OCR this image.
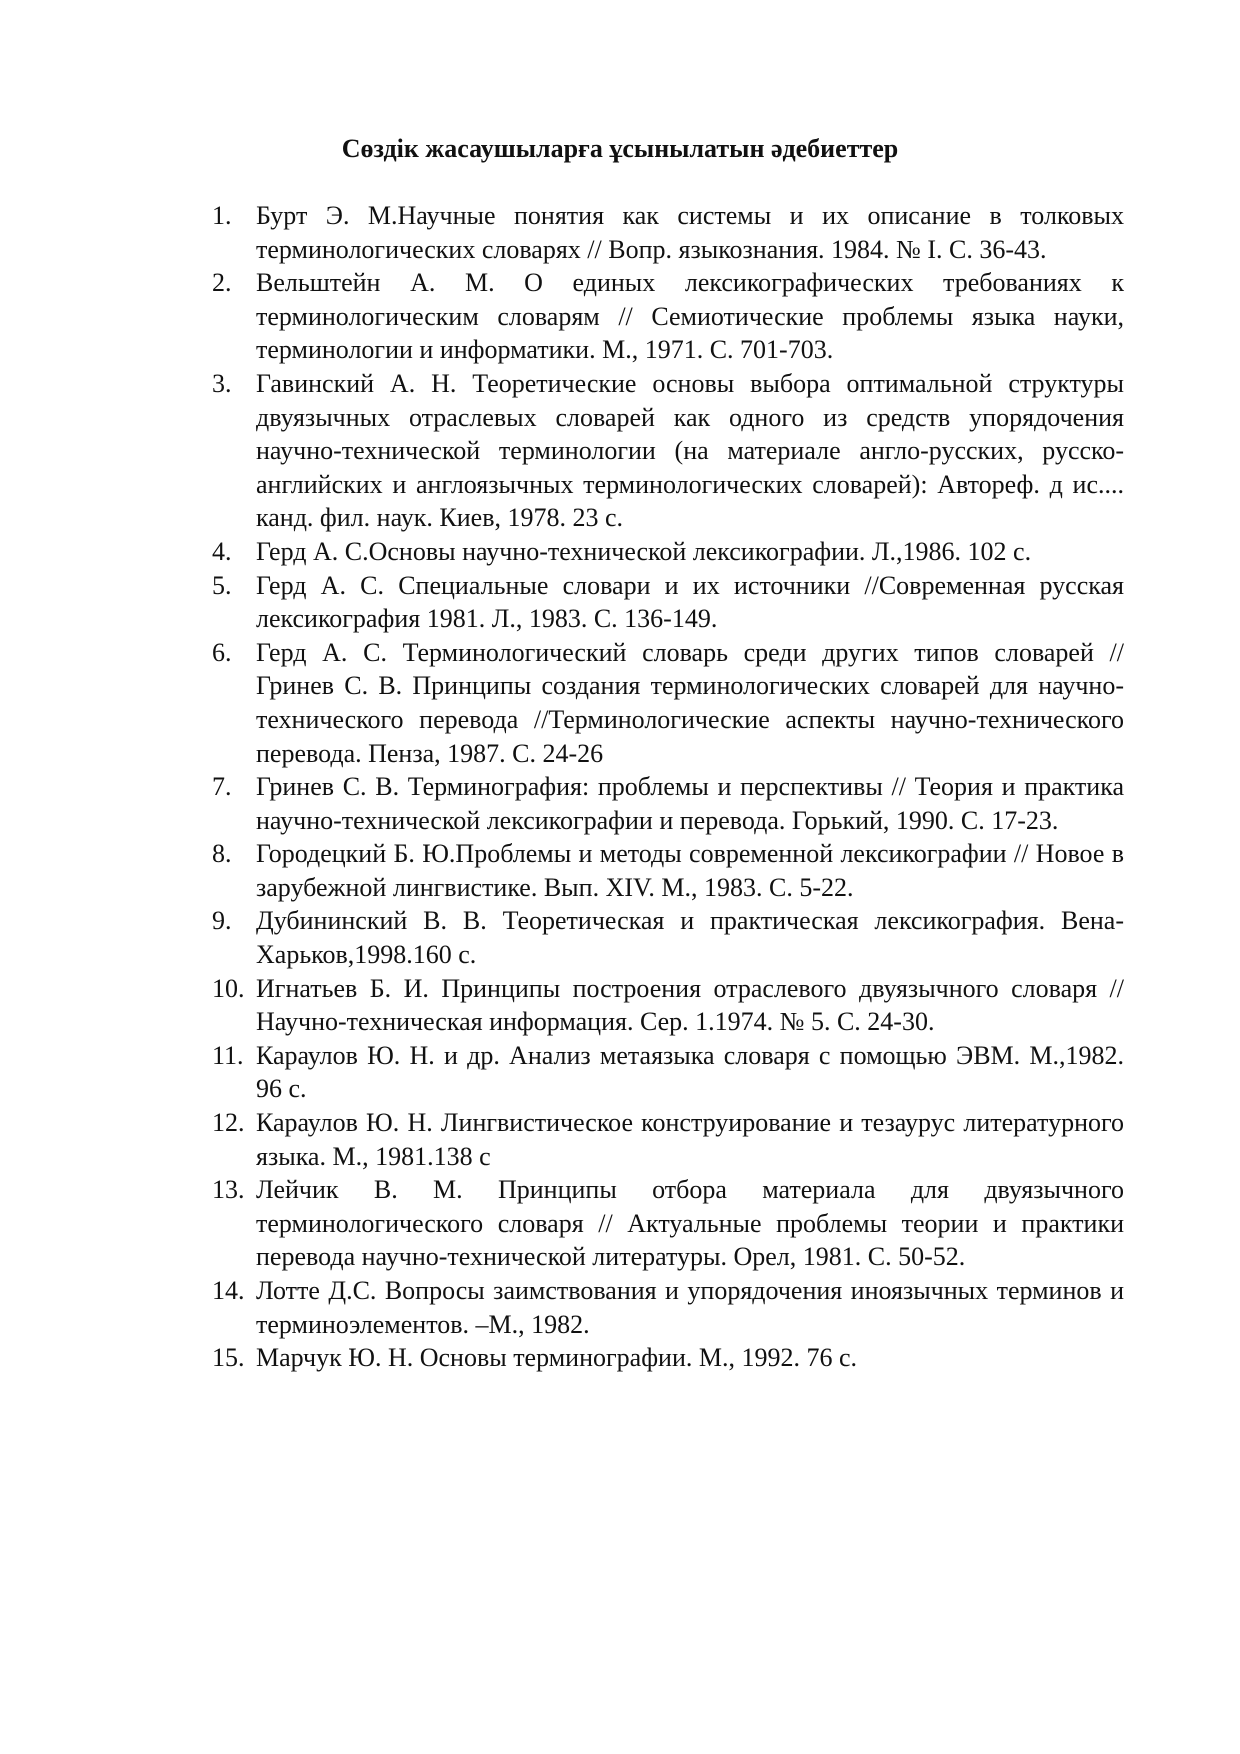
Сөздік жасаушыларға ұсынылатын әдебиеттер
1. Бурт Э. М.Научные понятия как системы и их описание в толковых терминологических словарях // Вопр. языкознания. 1984. № I. С. 36-43.
2. Вельштейн А. М. О единых лексикографических требованиях к терминологическим словарям // Семиотические проблемы языка науки, терминологии и информатики. М., 1971. С. 701-703.
3. Гавинский А. Н. Теоретические основы выбора оптимальной структуры двуязычных отраслевых словарей как одного из средств упорядочения научно-технической терминологии (на материале англо-русских, русско-английских и англоязычных терминологических словарей): Автореф. д ис.... канд. фил. наук. Киев, 1978. 23 с.
4. Герд А. С.Основы научно-технической лексикографии. Л.,1986. 102 с.
5. Герд А. С. Специальные словари и их источники //Современная русская лексикография 1981. Л., 1983. С. 136-149.
6. Герд А. С. Терминологический словарь среди других типов словарей // Гринев С. В. Принципы создания терминологических словарей для научно-технического перевода //Терминологические аспекты научно-технического перевода. Пенза, 1987. С. 24-26
7. Гринев С. В. Терминография: проблемы и перспективы // Теория и практика научно-технической лексикографии и перевода. Горький, 1990. С. 17-23.
8. Городецкий Б. Ю.Проблемы и методы современной лексикографии // Новое в зарубежной лингвистике. Вып. XIV. М., 1983. С. 5-22.
9. Дубининский В. В. Теоретическая и практическая лексикография. Вена-Харьков,1998.160 с.
10. Игнатьев Б. И. Принципы построения отраслевого двуязычного словаря //Научно-техническая информация. Сер. 1.1974. № 5. С. 24-30.
11. Караулов Ю. Н. и др. Анализ метаязыка словаря с помощью ЭВМ. М.,1982. 96 с.
12. Караулов Ю. Н. Лингвистическое конструирование и тезаурус литературного языка. М., 1981.138 с
13. Лейчик В. М. Принципы отбора материала для двуязычного терминологического словаря // Актуальные проблемы теории и практики перевода научно-технической литературы. Орел, 1981. С. 50-52.
14. Лотте Д.С. Вопросы заимствования и упорядочения иноязычных терминов и терминоэлементов. –М., 1982.
15. Марчук Ю. Н. Основы терминографии. М., 1992. 76 с.
